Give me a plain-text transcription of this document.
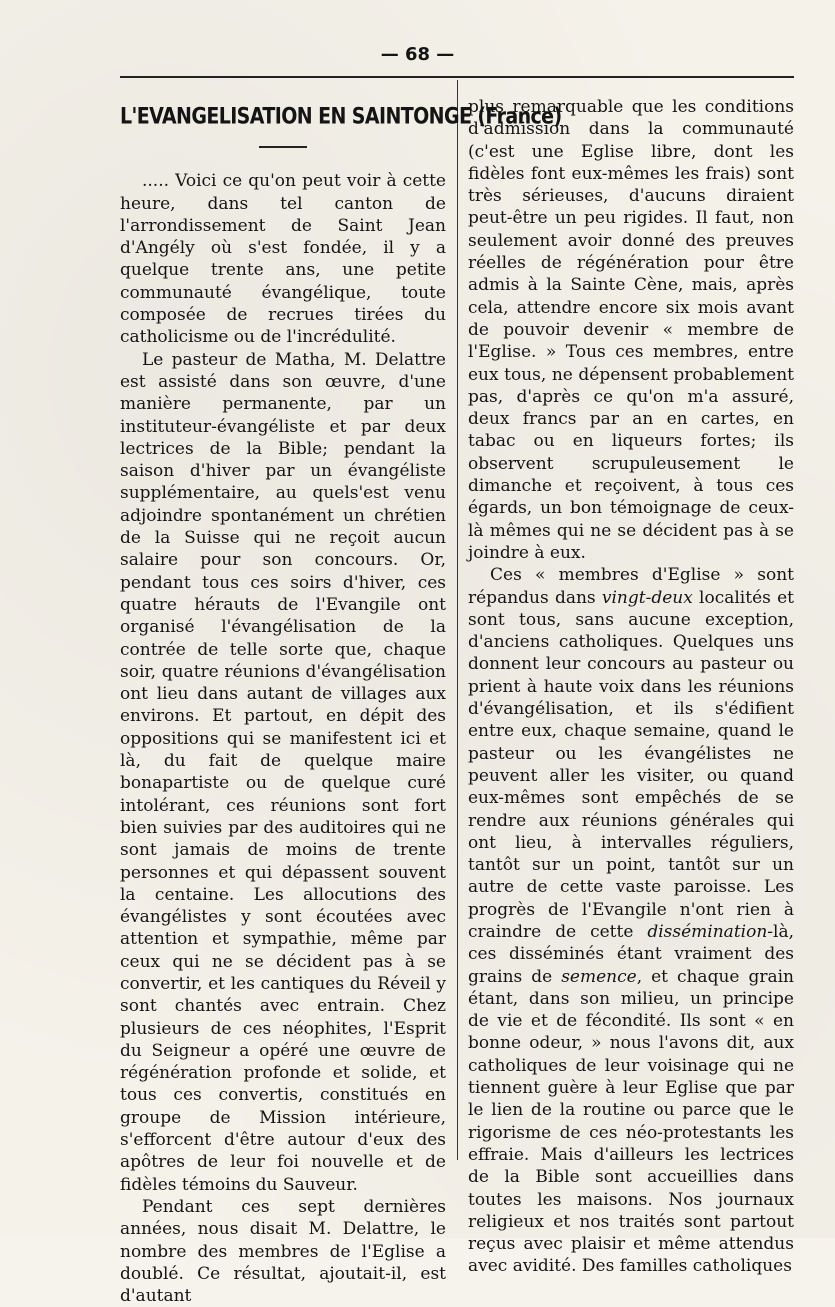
— 68 —
L'EVANGELISATION EN SAINTONGE (France)

..... Voici ce qu'on peut voir à cette heure, dans tel canton de l'arrondissement de Saint Jean d'Angély où s'est fondée, il y a quelque trente ans, une petite communauté évangélique, toute composée de recrues tirées du catholicisme ou de l'incrédulité.

Le pasteur de Matha, M. Delattre est assisté dans son œuvre, d'une manière permanente, par un instituteur-évangéliste et par deux lectrices de la Bible; pendant la saison d'hiver par un évangéliste supplémentaire, au quels'est venu adjoindre spontanément un chrétien de la Suisse qui ne reçoit aucun salaire pour son concours. Or, pendant tous ces soirs d'hiver, ces quatre hérauts de l'Evangile ont organisé l'évangélisation de la contrée de telle sorte que, chaque soir, quatre réunions d'évangélisation ont lieu dans autant de villages aux environs. Et partout, en dépit des oppositions qui se manifestent ici et là, du fait de quelque maire bonapartiste ou de quelque curé intolérant, ces réunions sont fort bien suivies par des auditoires qui ne sont jamais de moins de trente personnes et qui dépassent souvent la centaine. Les allocutions des évangélistes y sont écoutées avec attention et sympathie, même par ceux qui ne se décident pas à se convertir, et les cantiques du Réveil y sont chantés avec entrain. Chez plusieurs de ces néophites, l'Esprit du Seigneur a opéré une œuvre de régénération profonde et solide, et tous ces convertis, constitués en groupe de Mission intérieure, s'efforcent d'être autour d'eux des apôtres de leur foi nouvelle et de fidèles témoins du Sauveur.

Pendant ces sept dernières années, nous disait M. Delattre, le nombre des membres de l'Eglise a doublé. Ce résultat, ajoutait-il, est d'autant

plus remarquable que les conditions d'admission dans la communauté (c'est une Eglise libre, dont les fidèles font eux-mêmes les frais) sont très sérieuses, d'aucuns diraient peut-être un peu rigides. Il faut, non seulement avoir donné des preuves réelles de régénération pour être admis à la Sainte Cène, mais, après cela, attendre encore six mois avant de pouvoir devenir « membre de l'Eglise. » Tous ces membres, entre eux tous, ne dépensent probablement pas, d'après ce qu'on m'a assuré, deux francs par an en cartes, en tabac ou en liqueurs fortes; ils observent scrupuleusement le dimanche et reçoivent, à tous ces égards, un bon témoignage de ceux-là mêmes qui ne se décident pas à se joindre à eux.

Ces « membres d'Eglise » sont répandus dans vingt-deux localités et sont tous, sans aucune exception, d'anciens catholiques. Quelques uns donnent leur concours au pasteur ou prient à haute voix dans les réunions d'évangélisation, et ils s'édifient entre eux, chaque semaine, quand le pasteur ou les évangélistes ne peuvent aller les visiter, ou quand eux-mêmes sont empêchés de se rendre aux réunions générales qui ont lieu, à intervalles réguliers, tantôt sur un point, tantôt sur un autre de cette vaste paroisse. Les progrès de l'Evangile n'ont rien à craindre de cette dissémination-là, ces disséminés étant vraiment des grains de semence, et chaque grain étant, dans son milieu, un principe de vie et de fécondité. Ils sont « en bonne odeur, » nous l'avons dit, aux catholiques de leur voisinage qui ne tiennent guère à leur Eglise que par le lien de la routine ou parce que le rigorisme de ces néo-protestants les effraie. Mais d'ailleurs les lectrices de la Bible sont accueillies dans toutes les maisons. Nos journaux religieux et nos traités sont partout reçus avec plaisir et même attendus avec avidité. Des familles catholiques
